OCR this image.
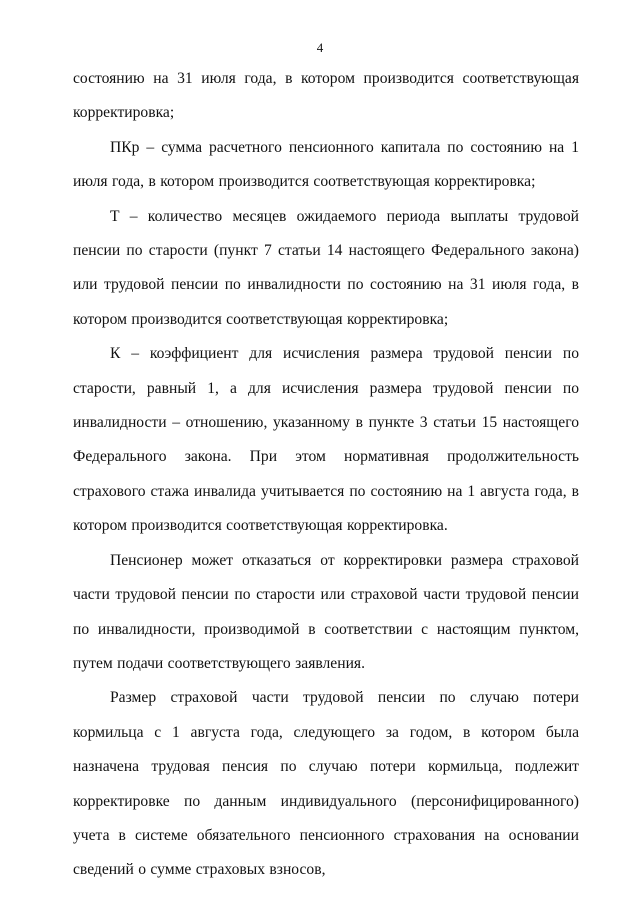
4

состоянию на 31 июля года, в котором производится соответствующая корректировка;

ПКр – сумма расчетного пенсионного капитала по состоянию на 1 июля года, в котором производится соответствующая корректировка;

Т – количество месяцев ожидаемого периода выплаты трудовой пенсии по старости (пункт 7 статьи 14 настоящего Федерального закона) или трудовой пенсии по инвалидности по состоянию на 31 июля года, в котором производится соответствующая корректировка;

К – коэффициент для исчисления размера трудовой пенсии по старости, равный 1, а для исчисления размера трудовой пенсии по инвалидности – отношению, указанному в пункте 3 статьи 15 настоящего Федерального закона. При этом нормативная продолжительность страхового стажа инвалида учитывается по состоянию на 1 августа года, в котором производится соответствующая корректировка.

Пенсионер может отказаться от корректировки размера страховой части трудовой пенсии по старости или страховой части трудовой пенсии по инвалидности, производимой в соответствии с настоящим пунктом, путем подачи соответствующего заявления.

Размер страховой части трудовой пенсии по случаю потери кормильца с 1 августа года, следующего за годом, в котором была назначена трудовая пенсия по случаю потери кормильца, подлежит корректировке по данным индивидуального (персонифицированного) учета в системе обязательного пенсионного страхования на основании сведений о сумме страховых взносов,
